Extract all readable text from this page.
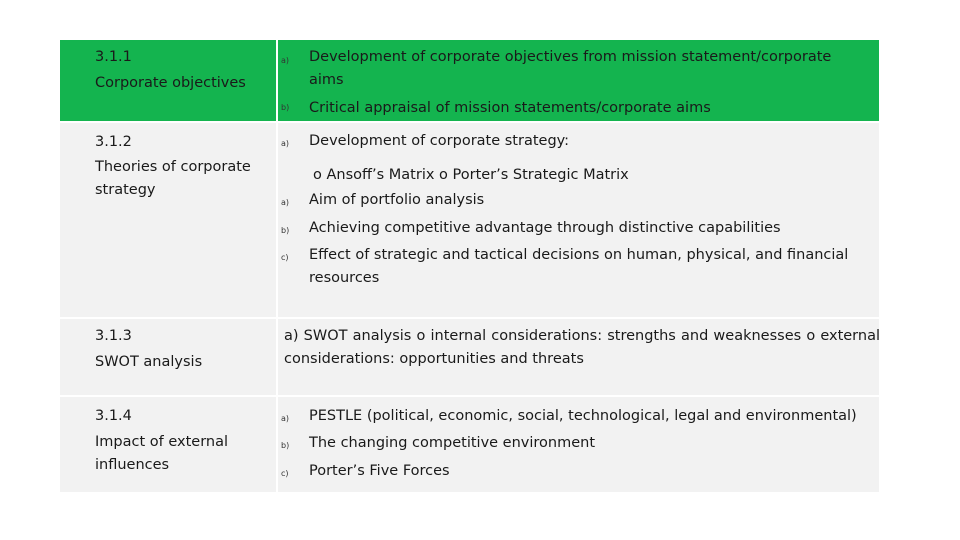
3.1.1
Corporate objectives
a) Development of corporate objectives from mission statement/corporate aims
b) Critical appraisal of mission statements/corporate aims
3.1.2
Theories of corporate strategy
a) Development of corporate strategy:
o Ansoff’s Matrix o Porter’s Strategic Matrix
a) Aim of portfolio analysis
b) Achieving competitive advantage through distinctive capabilities
c) Effect of strategic and tactical decisions on human, physical, and financial resources
3.1.3
SWOT analysis
a) SWOT analysis o internal considerations: strengths and weaknesses o external considerations: opportunities and threats
3.1.4
Impact of external influences
a) PESTLE (political, economic, social, technological, legal and environmental)
b) The changing competitive environment
c) Porter’s Five Forces
